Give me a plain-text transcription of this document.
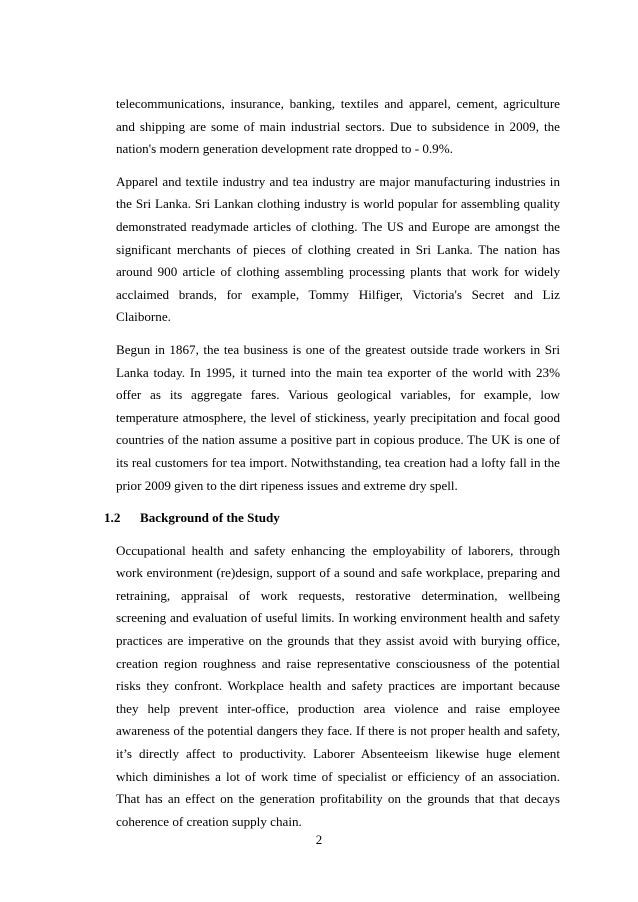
telecommunications, insurance, banking, textiles and apparel, cement, agriculture and shipping are some of main industrial sectors. Due to subsidence in 2009, the nation's modern generation development rate dropped to - 0.9%.

Apparel and textile industry and tea industry are major manufacturing industries in the Sri Lanka. Sri Lankan clothing industry is world popular for assembling quality demonstrated readymade articles of clothing. The US and Europe are amongst the significant merchants of pieces of clothing created in Sri Lanka. The nation has around 900 article of clothing assembling processing plants that work for widely acclaimed brands, for example, Tommy Hilfiger, Victoria's Secret and Liz Claiborne.

Begun in 1867, the tea business is one of the greatest outside trade workers in Sri Lanka today. In 1995, it turned into the main tea exporter of the world with 23% offer as its aggregate fares. Various geological variables, for example, low temperature atmosphere, the level of stickiness, yearly precipitation and focal good countries of the nation assume a positive part in copious produce. The UK is one of its real customers for tea import. Notwithstanding, tea creation had a lofty fall in the prior 2009 given to the dirt ripeness issues and extreme dry spell.

1.2 Background of the Study

Occupational health and safety enhancing the employability of laborers, through work environment (re)design, support of a sound and safe workplace, preparing and retraining, appraisal of work requests, restorative determination, wellbeing screening and evaluation of useful limits. In working environment health and safety practices are imperative on the grounds that they assist avoid with burying office, creation region roughness and raise representative consciousness of the potential risks they confront. Workplace health and safety practices are important because they help prevent inter-office, production area violence and raise employee awareness of the potential dangers they face. If there is not proper health and safety, it’s directly affect to productivity. Laborer Absenteeism likewise huge element which diminishes a lot of work time of specialist or efficiency of an association. That has an effect on the generation profitability on the grounds that that decays coherence of creation supply chain.

2
